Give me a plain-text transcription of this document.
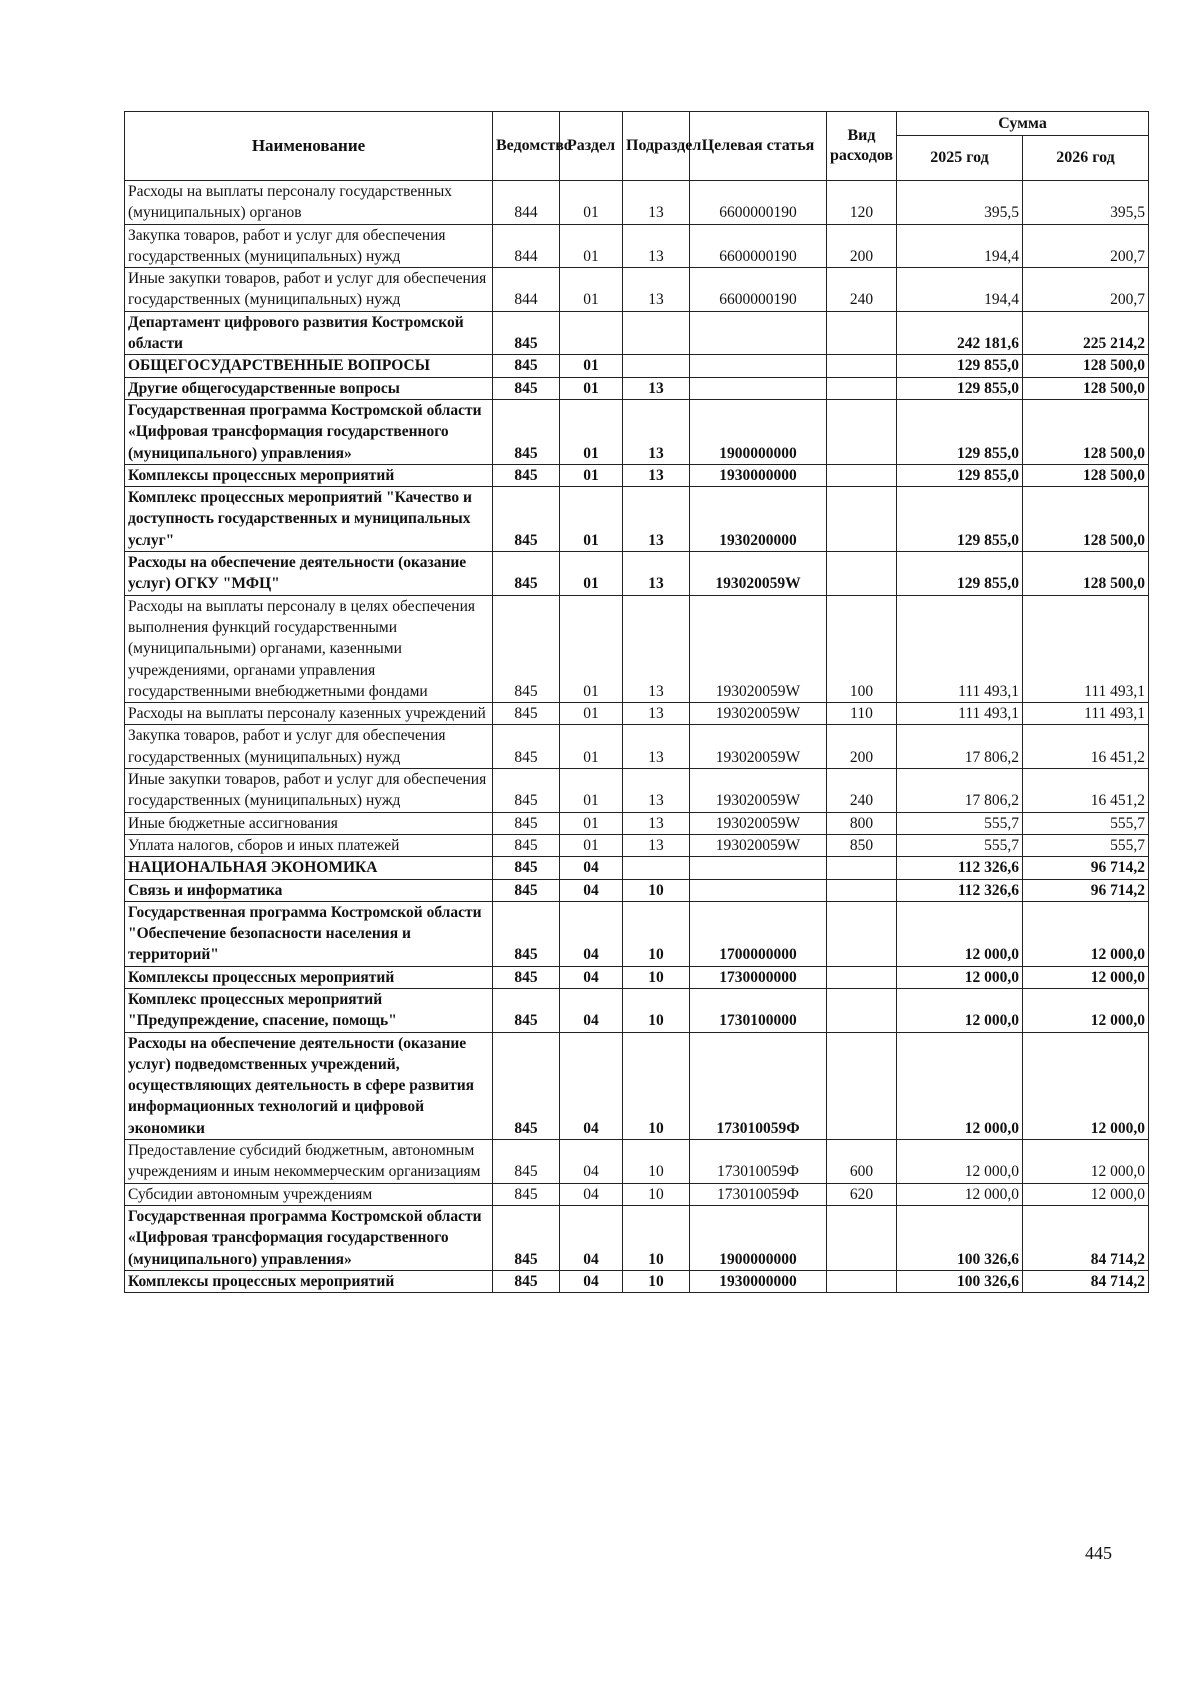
Наименование	Ведомство	Раздел	Подраздел	Целевая статья	Вид расходов	Сумма	
						2025 год	2026 год
Расходы на выплаты персоналу государственных (муниципальных) органов	844	01	13	6600000190	120	395,5	395,5
Закупка товаров, работ и услуг для обеспечения государственных (муниципальных) нужд	844	01	13	6600000190	200	194,4	200,7
Иные закупки товаров, работ и услуг для обеспечения государственных (муниципальных) нужд	844	01	13	6600000190	240	194,4	200,7
Департамент цифрового развития Костромской области	845					242 181,6	225 214,2
ОБЩЕГОСУДАРСТВЕННЫЕ ВОПРОСЫ	845	01				129 855,0	128 500,0
Другие общегосударственные вопросы	845	01	13			129 855,0	128 500,0
Государственная программа Костромской области «Цифровая трансформация государственного (муниципального) управления»	845	01	13	1900000000		129 855,0	128 500,0
Комплексы процессных мероприятий	845	01	13	1930000000		129 855,0	128 500,0
Комплекс процессных мероприятий "Качество и доступность государственных и муниципальных услуг"	845	01	13	1930200000		129 855,0	128 500,0
Расходы на обеспечение деятельности (оказание услуг) ОГКУ "МФЦ"	845	01	13	193020059W		129 855,0	128 500,0
Расходы на выплаты персоналу в целях обеспечения выполнения функций государственными (муниципальными) органами, казенными учреждениями, органами управления государственными внебюджетными фондами	845	01	13	193020059W	100	111 493,1	111 493,1
Расходы на выплаты персоналу казенных учреждений	845	01	13	193020059W	110	111 493,1	111 493,1
Закупка товаров, работ и услуг для обеспечения государственных (муниципальных) нужд	845	01	13	193020059W	200	17 806,2	16 451,2
Иные закупки товаров, работ и услуг для обеспечения государственных (муниципальных) нужд	845	01	13	193020059W	240	17 806,2	16 451,2
Иные бюджетные ассигнования	845	01	13	193020059W	800	555,7	555,7
Уплата налогов, сборов и иных платежей	845	01	13	193020059W	850	555,7	555,7
НАЦИОНАЛЬНАЯ ЭКОНОМИКА	845	04				112 326,6	96 714,2
Связь и информатика	845	04	10			112 326,6	96 714,2
Государственная программа Костромской области "Обеспечение безопасности населения и территорий"	845	04	10	1700000000		12 000,0	12 000,0
Комплексы процессных мероприятий	845	04	10	1730000000		12 000,0	12 000,0
Комплекс процессных мероприятий "Предупреждение, спасение, помощь"	845	04	10	1730100000		12 000,0	12 000,0
Расходы на обеспечение деятельности (оказание услуг) подведомственных учреждений, осуществляющих деятельность в сфере развития информационных технологий и цифровой экономики	845	04	10	173010059Ф		12 000,0	12 000,0
Предоставление субсидий бюджетным, автономным учреждениям и иным некоммерческим организациям	845	04	10	173010059Ф	600	12 000,0	12 000,0
Субсидии автономным учреждениям	845	04	10	173010059Ф	620	12 000,0	12 000,0
Государственная программа Костромской области «Цифровая трансформация государственного (муниципального) управления»	845	04	10	1900000000		100 326,6	84 714,2
Комплексы процессных мероприятий	845	04	10	1930000000		100 326,6	84 714,2
445
